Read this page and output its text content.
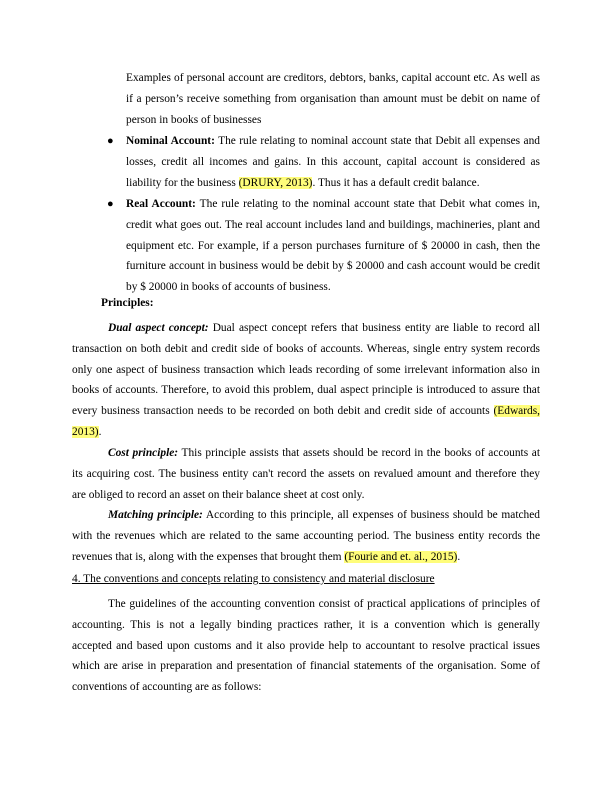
Examples of personal account are creditors, debtors, banks, capital account etc. As well as if a person’s receive something from organisation than amount must be debit on name of person in books of businesses
● Nominal Account: The rule relating to nominal account state that Debit all expenses and losses, credit all incomes and gains. In this account, capital account is considered as liability for the business (DRURY, 2013). Thus it has a default credit balance.
● Real Account: The rule relating to the nominal account state that Debit what comes in, credit what goes out. The real account includes land and buildings, machineries, plant and equipment etc. For example, if a person purchases furniture of $ 20000 in cash, then the furniture account in business would be debit by $ 20000 and cash account would be credit by $ 20000 in books of accounts of business.
Principles:
Dual aspect concept: Dual aspect concept refers that business entity are liable to record all transaction on both debit and credit side of books of accounts. Whereas, single entry system records only one aspect of business transaction which leads recording of some irrelevant information also in books of accounts. Therefore, to avoid this problem, dual aspect principle is introduced to assure that every business transaction needs to be recorded on both debit and credit side of accounts (Edwards, 2013).
Cost principle: This principle assists that assets should be record in the books of accounts at its acquiring cost. The business entity can't record the assets on revalued amount and therefore they are obliged to record an asset on their balance sheet at cost only.
Matching principle: According to this principle, all expenses of business should be matched with the revenues which are related to the same accounting period. The business entity records the revenues that is, along with the expenses that brought them (Fourie and et. al., 2015).
4. The conventions and concepts relating to consistency and material disclosure
The guidelines of the accounting convention consist of practical applications of principles of accounting. This is not a legally binding practices rather, it is a convention which is generally accepted and based upon customs and it also provide help to accountant to resolve practical issues which are arise in preparation and presentation of financial statements of the organisation. Some of conventions of accounting are as follows:
